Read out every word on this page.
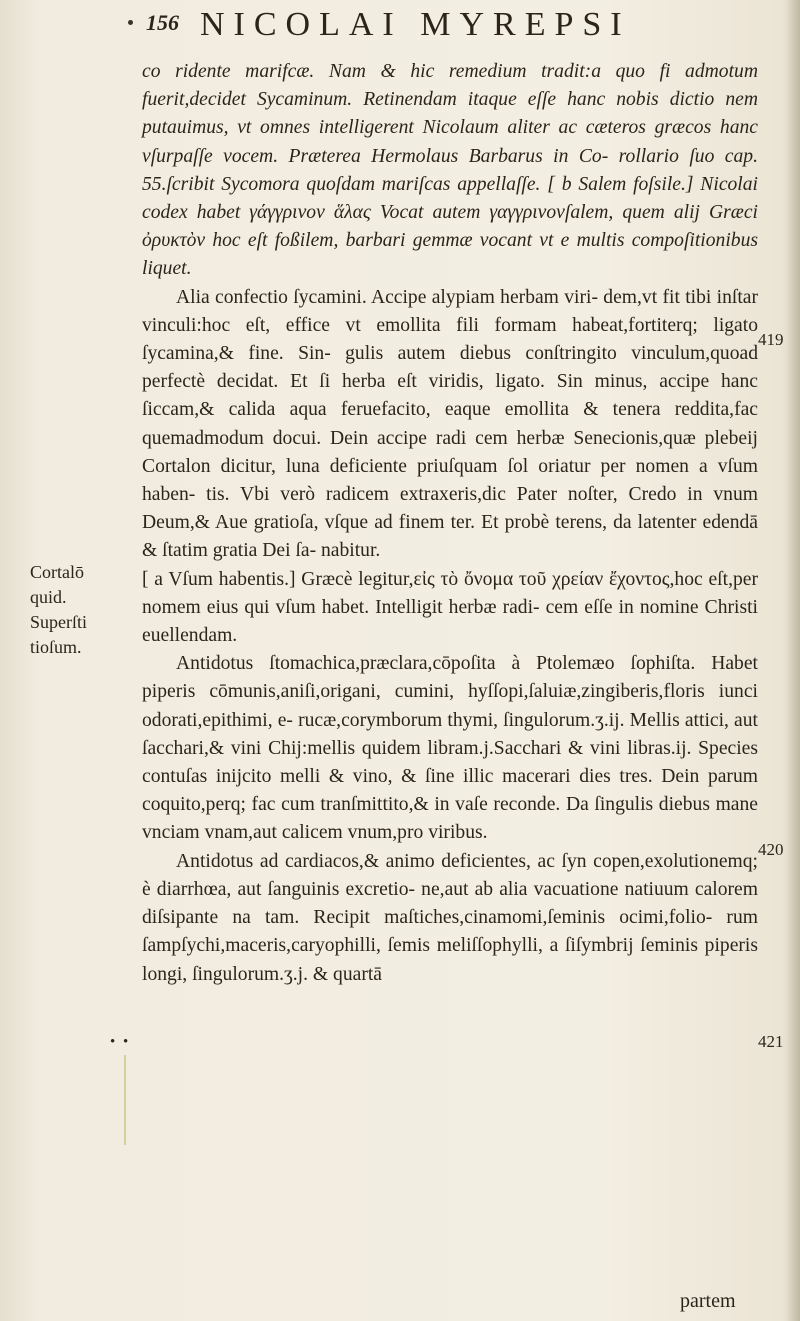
156 NICOLAI MYREPSI

co ridente marifcæ. Nam & hic remedium tradit:a quo fi admotum fuerit,decidet Sycaminum. Retinendam itaque eſſe hanc nobis dictio nem putauimus, vt omnes intelligerent Nicolaum aliter ac cæteros græcos hanc vſurpaſſe vocem. Præterea Hermolaus Barbarus in Co- rollario ſuo cap. 55.ſcribit Sycomora quoſdam mariſcas appellaſſe. [ b Salem foſsile.] Nicolai codex habet γάγγρινον ἅλας Vocat autem γαγγρινονſalem, quem alij Græci ὀρυκτὸν hoc eſt foßilem, barbari gemmæ vocant vt e multis compoſitionibus liquet.

Alia confectio ſycamini. Accipe alypiam herbam viri- dem,vt fit tibi inſtar vinculi:hoc eſt, effice vt emollita fili formam habeat,fortiterq; ligato ſycamina,& fine. Sin- gulis autem diebus conſtringito vinculum,quoad perfectè decidat. Et ſi herba eſt viridis, ligato. Sin minus, accipe hanc ſiccam,& calida aqua feruefacito, eaque emollita & tenera reddita,fac quemadmodum docui. Dein accipe radi cem herbæ Senecionis,quæ plebeij Cortalon dicitur, luna deficiente priuſquam ſol oriatur per nomen a vſum haben- tis. Vbi verò radicem extraxeris,dic Pater noſter, Credo in vnum Deum,& Aue gratioſa, vſque ad finem ter. Et probè terens, da latenter edendā & ſtatim gratia Dei ſa- nabitur.

[ a Vſum habentis.] Græcè legitur,εἰς τὸ ὄνομα τοῦ χρείαν ἔχοντος,hoc eſt,per nomem eius qui vſum habet. Intelligit herbæ radi- cem eſſe in nomine Christi euellendam.

Antidotus ſtomachica,præclara,cōpoſita à Ptolemæo ſophiſta. Habet piperis cōmunis,aniſi,origani, cumini, hyſſopi,ſaluiæ,zingiberis,floris iunci odorati,epithimi, e- rucæ,corymborum thymi, ſingulorum.ʒ.ij. Mellis attici, aut ſacchari,& vini Chij:mellis quidem libram.j.Sacchari & vini libras.ij. Species contuſas inijcito melli & vino, & ſine illic macerari dies tres. Dein parum coquito,perq; fac cum tranſmittito,& in vaſe reconde. Da ſingulis diebus mane vnciam vnam,aut calicem vnum,pro viribus.

Antidotus ad cardiacos,& animo deficientes, ac ſyn copen,exolutionemq; è diarrhœa, aut ſanguinis excretio- ne,aut ab alia vacuatione natiuum calorem diſsipante na tam. Recipit maſtiches,cinamomi,ſeminis ocimi,folio- rum ſampſychi,maceris,caryophilli, ſemis meliſſophylli, a ſiſymbrij ſeminis piperis longi, ſingulorum.ʒ.j. & quartā

Cortalō
quid.
Superſti
tioſum.
419
420
421
• •
partem
